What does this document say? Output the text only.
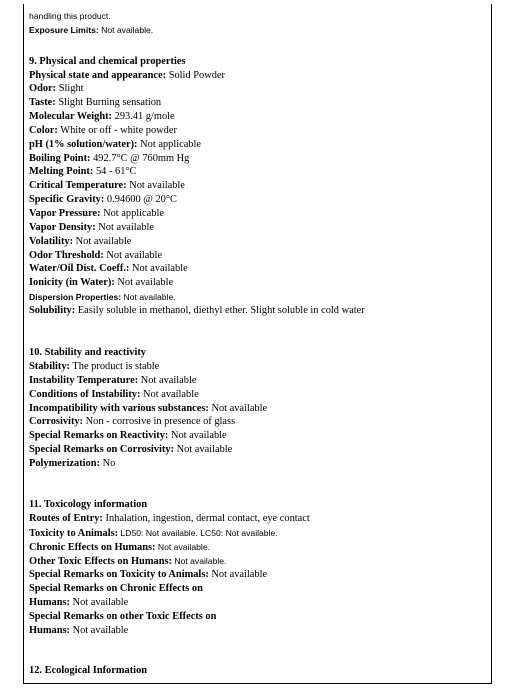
handling this product.
Exposure Limits: Not available.
9. Physical and chemical properties
Physical state and appearance: Solid Powder
Odor: Slight
Taste: Slight Burning sensation
Molecular Weight: 293.41 g/mole
Color: White or off - white powder
pH (1% solution/water): Not applicable
Boiling Point: 492.7°C @ 760mm Hg
Melting Point: 54 - 61°C
Critical Temperature: Not available
Specific Gravity: 0.94600 @ 20°C
Vapor Pressure: Not applicable
Vapor Density: Not available
Volatility: Not available
Odor Threshold: Not available
Water/Oil Dist. Coeff.: Not available
Ionicity (in Water): Not available
Dispersion Properties: Not available.
Solubility: Easily soluble in methanol, diethyl ether. Slight soluble in cold water
10. Stability and reactivity
Stability: The product is stable
Instability Temperature: Not available
Conditions of Instability: Not available
Incompatibility with various substances: Not available
Corrosivity: Non - corrosive in presence of glass
Special Remarks on Reactivity: Not available
Special Remarks on Corrosivity: Not available
Polymerization: No
11. Toxicology information
Routes of Entry: Inhalation, ingestion, dermal contact, eye contact
Toxicity to Animals: LD50: Not available. LC50: Not available.
Chronic Effects on Humans: Not available.
Other Toxic Effects on Humans: Not available.
Special Remarks on Toxicity to Animals: Not available
Special Remarks on Chronic Effects on
Humans: Not available
Special Remarks on other Toxic Effects on
Humans: Not available
12. Ecological Information
